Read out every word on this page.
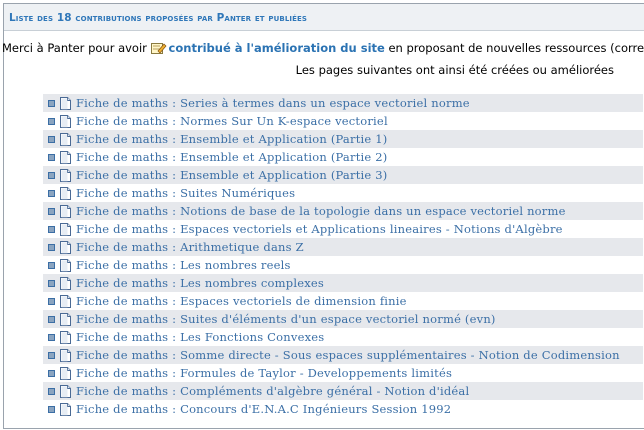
Liste des 18 contributions proposées par Panter et publiées
Merci à Panter pour avoir contribué à l'amélioration du site en proposant de nouvelles ressources (corre
Les pages suivantes ont ainsi été créées ou améliorées
Fiche de maths : Series à termes dans un espace vectoriel norme
Fiche de maths : Normes Sur Un K-espace vectoriel
Fiche de maths : Ensemble et Application (Partie 1)
Fiche de maths : Ensemble et Application (Partie 2)
Fiche de maths : Ensemble et Application (Partie 3)
Fiche de maths : Suites Numériques
Fiche de maths : Notions de base de la topologie dans un espace vectoriel norme
Fiche de maths : Espaces vectoriels et Applications lineaires - Notions d'Algèbre
Fiche de maths : Arithmetique dans Z
Fiche de maths : Les nombres reels
Fiche de maths : Les nombres complexes
Fiche de maths : Espaces vectoriels de dimension finie
Fiche de maths : Suites d'éléments d'un espace vectoriel normé (evn)
Fiche de maths : Les Fonctions Convexes
Fiche de maths : Somme directe - Sous espaces supplémentaires - Notion de Codimension
Fiche de maths : Formules de Taylor - Developpements limités
Fiche de maths : Compléments d'algèbre général - Notion d'idéal
Fiche de maths : Concours d'E.N.A.C Ingénieurs Session 1992
